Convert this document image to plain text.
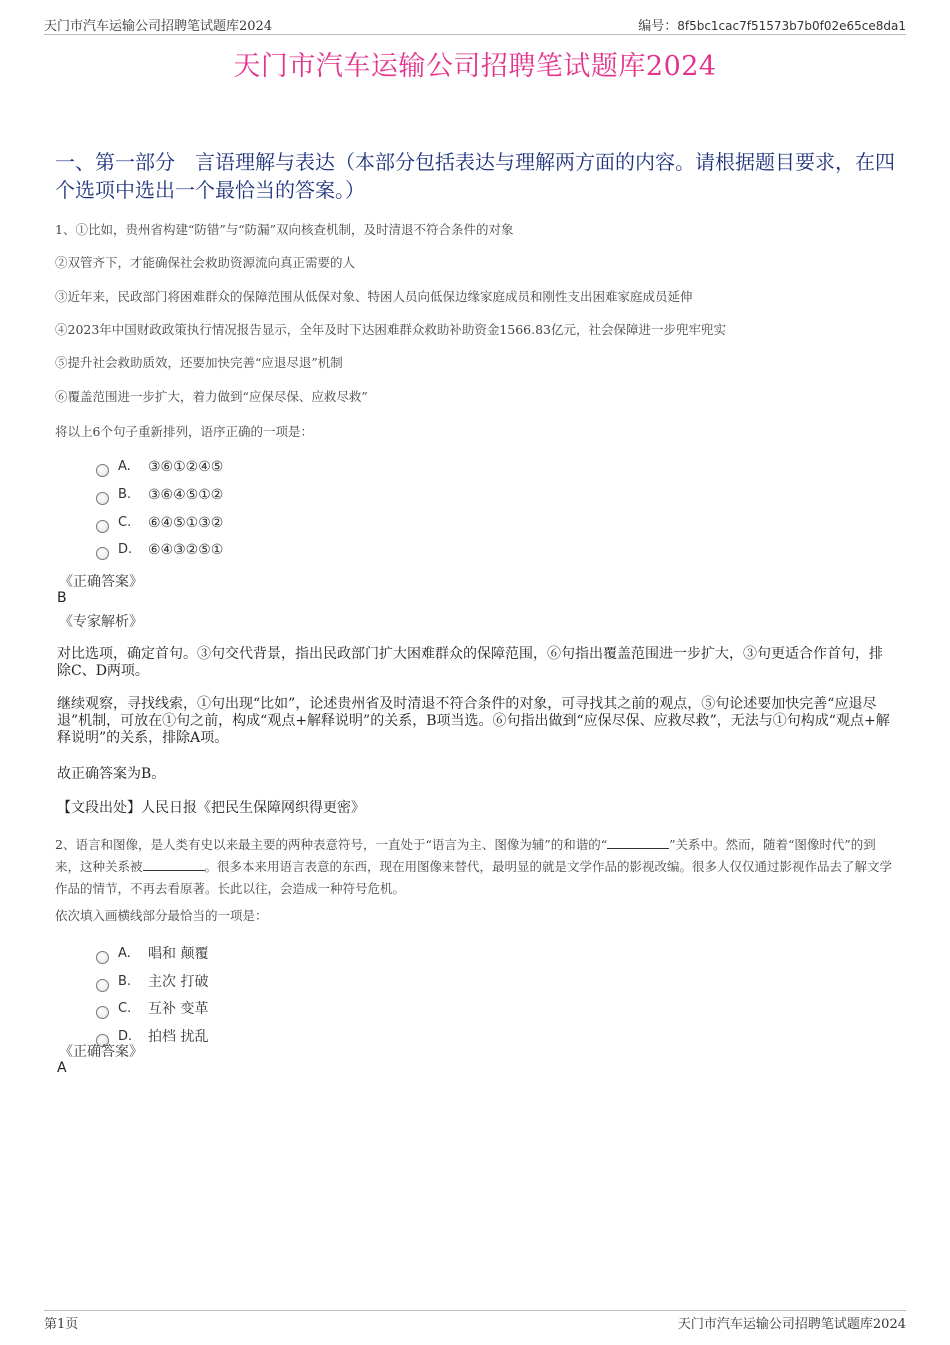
天门市汽车运输公司招聘笔试题库2024	编号：8f5bc1cac7f51573b7b0f02e65ce8da1
天门市汽车运输公司招聘笔试题库2024
一、第一部分　言语理解与表达（本部分包括表达与理解两方面的内容。请根据题目要求，在四个选项中选出一个最恰当的答案。）
1、①比如，贵州省构建“防错”与“防漏”双向核查机制，及时清退不符合条件的对象
②双管齐下，才能确保社会救助资源流向真正需要的人
③近年来，民政部门将困难群众的保障范围从低保对象、特困人员向低保边缘家庭成员和刚性支出困难家庭成员延伸
④2023年中国财政政策执行情况报告显示，全年及时下达困难群众救助补助资金1566.83亿元，社会保障进一步兜牢兜实
⑤提升社会救助质效，还要加快完善“应退尽退”机制
⑥覆盖范围进一步扩大，着力做到“应保尽保、应救尽救”
将以上6个句子重新排列，语序正确的一项是：
A.	③⑥①②④⑤
B.	③⑥④⑤①②
C.	⑥④⑤①③②
D.	⑥④③②⑤①
《正确答案》
B
《专家解析》
对比选项，确定首句。③句交代背景，指出民政部门扩大困难群众的保障范围，⑥句指出覆盖范围进一步扩大，③句更适合作首句，排除C、D两项。
继续观察，寻找线索，①句出现“比如”，论述贵州省及时清退不符合条件的对象，可寻找其之前的观点，⑤句论述要加快完善“应退尽退”机制，可放在①句之前，构成“观点+解释说明”的关系，B项当选。⑥句指出做到“应保尽保、应救尽救”，无法与①句构成“观点+解释说明”的关系，排除A项。
故正确答案为B。
【文段出处】人民日报《把民生保障网织得更密》
2、语言和图像，是人类有史以来最主要的两种表意符号，一直处于“语言为主、图像为辅”的和谐的“	”关系中。然而，随着“图像时代”的到来，这种关系被	。很多本来用语言表意的东西，现在用图像来替代，最明显的就是文学作品的影视改编。很多人仅仅通过影视作品去了解文学作品的情节，不再去看原著。长此以往，会造成一种符号危机。
依次填入画横线部分最恰当的一项是：
A.	唱和 颠覆
B.	主次 打破
C.	互补 变革
D.	拍档 扰乱
《正确答案》
A
第1页	天门市汽车运输公司招聘笔试题库2024
